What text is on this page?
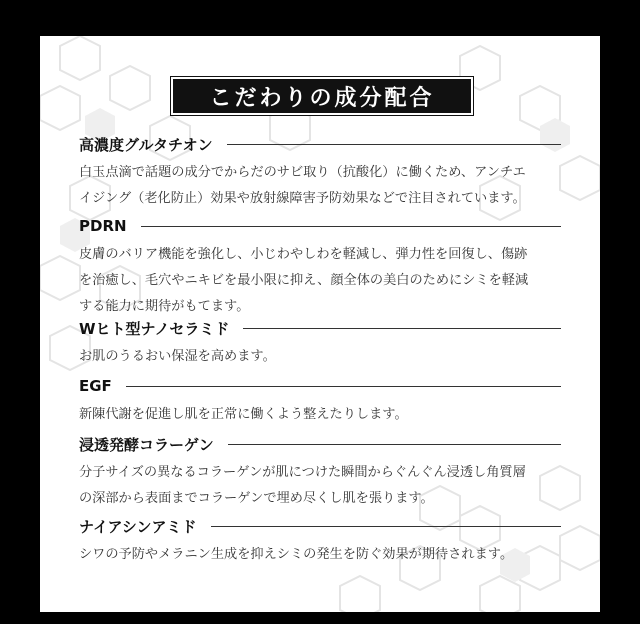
こだわりの成分配合
高濃度グルタチオン
白玉点滴で話題の成分でからだのサビ取り（抗酸化）に働くため、アンチエ
イジング（老化防止）効果や放射線障害予防効果などで注目されています。
PDRN
皮膚のバリア機能を強化し、小じわやしわを軽減し、弾力性を回復し、傷跡
を治癒し、毛穴やニキビを最小限に抑え、顔全体の美白のためにシミを軽減
する能力に期待がもてます。
Wヒト型ナノセラミド
お肌のうるおい保湿を高めます。
EGF
新陳代謝を促進し肌を正常に働くよう整えたりします。
浸透発酵コラーゲン
分子サイズの異なるコラーゲンが肌につけた瞬間からぐんぐん浸透し角質層
の深部から表面までコラーゲンで埋め尽くし肌を張ります。
ナイアシンアミド
シワの予防やメラニン生成を抑えシミの発生を防ぐ効果が期待されます。
